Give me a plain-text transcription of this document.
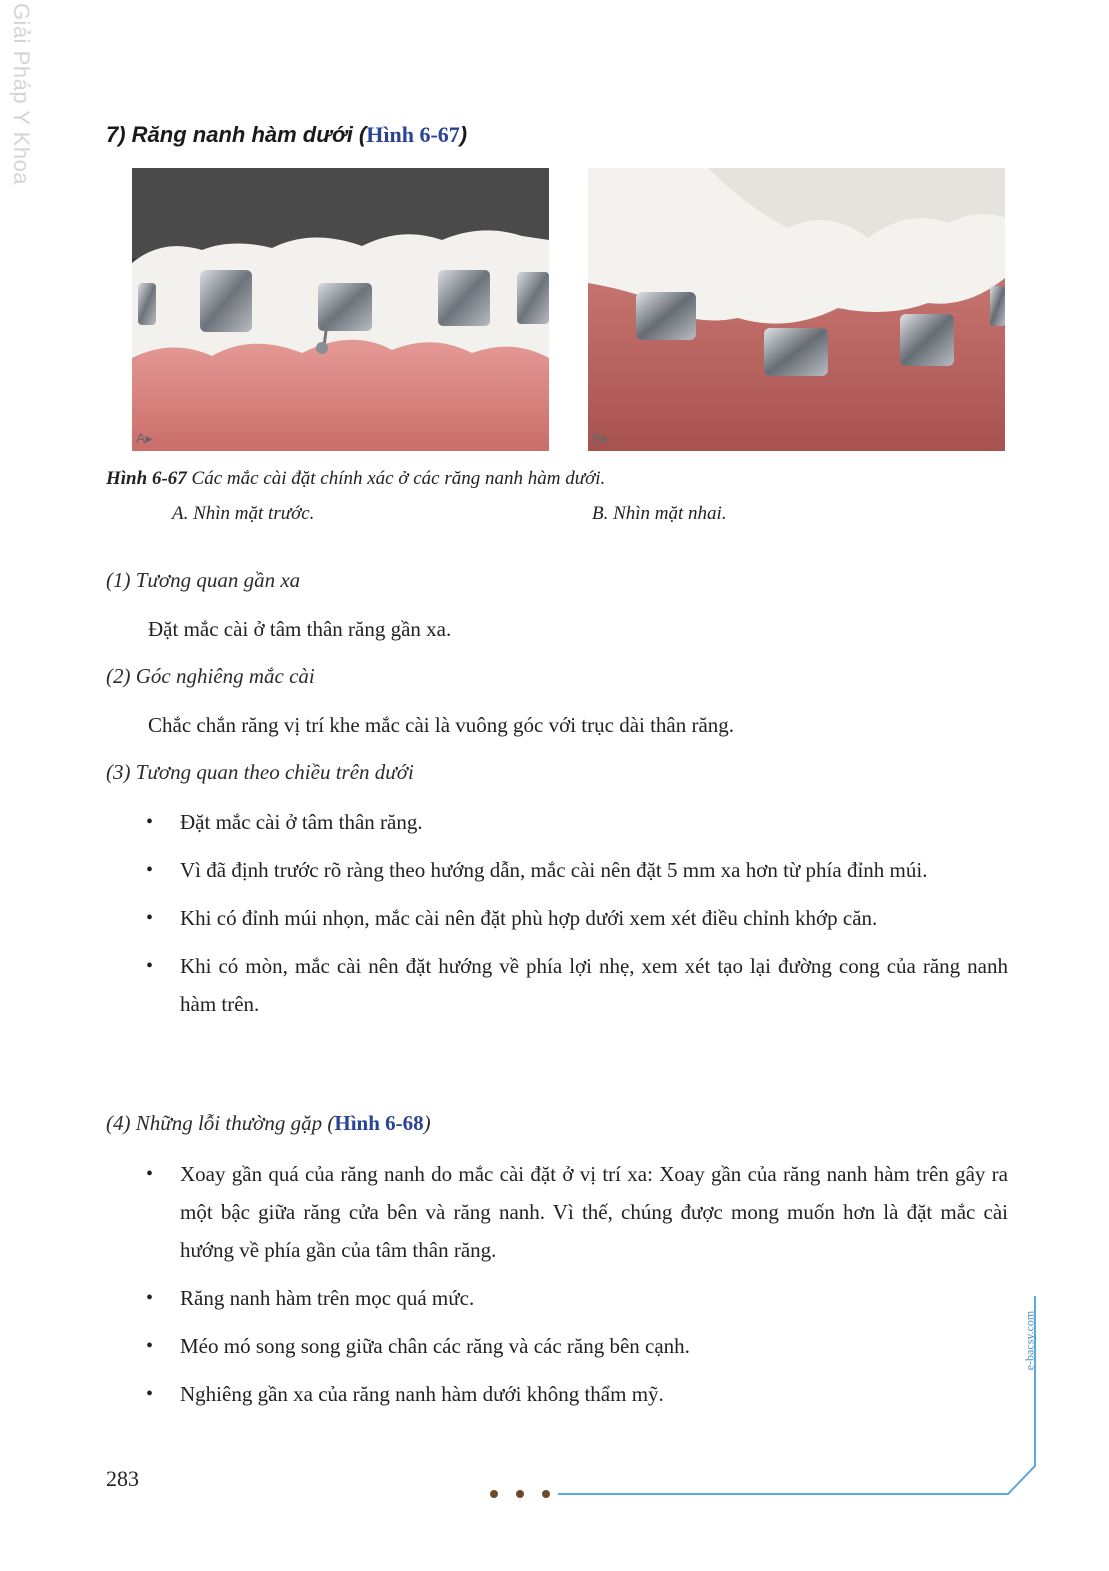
Giải Pháp Y Khoa	7) Răng nanh hàm dưới (Hình 6-67)
A▸	B▸
Hình 6-67 Các mắc cài đặt chính xác ở các răng nanh hàm dưới.
A. Nhìn mặt trước.	B. Nhìn mặt nhai.
(1) Tương quan gần xa
Đặt mắc cài ở tâm thân răng gần xa.
(2) Góc nghiêng mắc cài
Chắc chắn răng vị trí khe mắc cài là vuông góc với trục dài thân răng.
(3) Tương quan theo chiều trên dưới
• Đặt mắc cài ở tâm thân răng.
• Vì đã định trước rõ ràng theo hướng dẫn, mắc cài nên đặt 5 mm xa hơn từ phía đỉnh múi.
• Khi có đỉnh múi nhọn, mắc cài nên đặt phù hợp dưới xem xét điều chỉnh khớp căn.
• Khi có mòn, mắc cài nên đặt hướng về phía lợi nhẹ, xem xét tạo lại đường cong của răng nanh hàm trên.
(4) Những lỗi thường gặp (Hình 6-68)
• Xoay gần quá của răng nanh do mắc cài đặt ở vị trí xa: Xoay gần của răng nanh hàm trên gây ra một bậc giữa răng cửa bên và răng nanh. Vì thế, chúng được mong muốn hơn là đặt mắc cài hướng về phía gần của tâm thân răng.
• Răng nanh hàm trên mọc quá mức.
• Méo mó song song giữa chân các răng và các răng bên cạnh.
• Nghiêng gần xa của răng nanh hàm dưới không thẩm mỹ.
e-bacsy.com
283
